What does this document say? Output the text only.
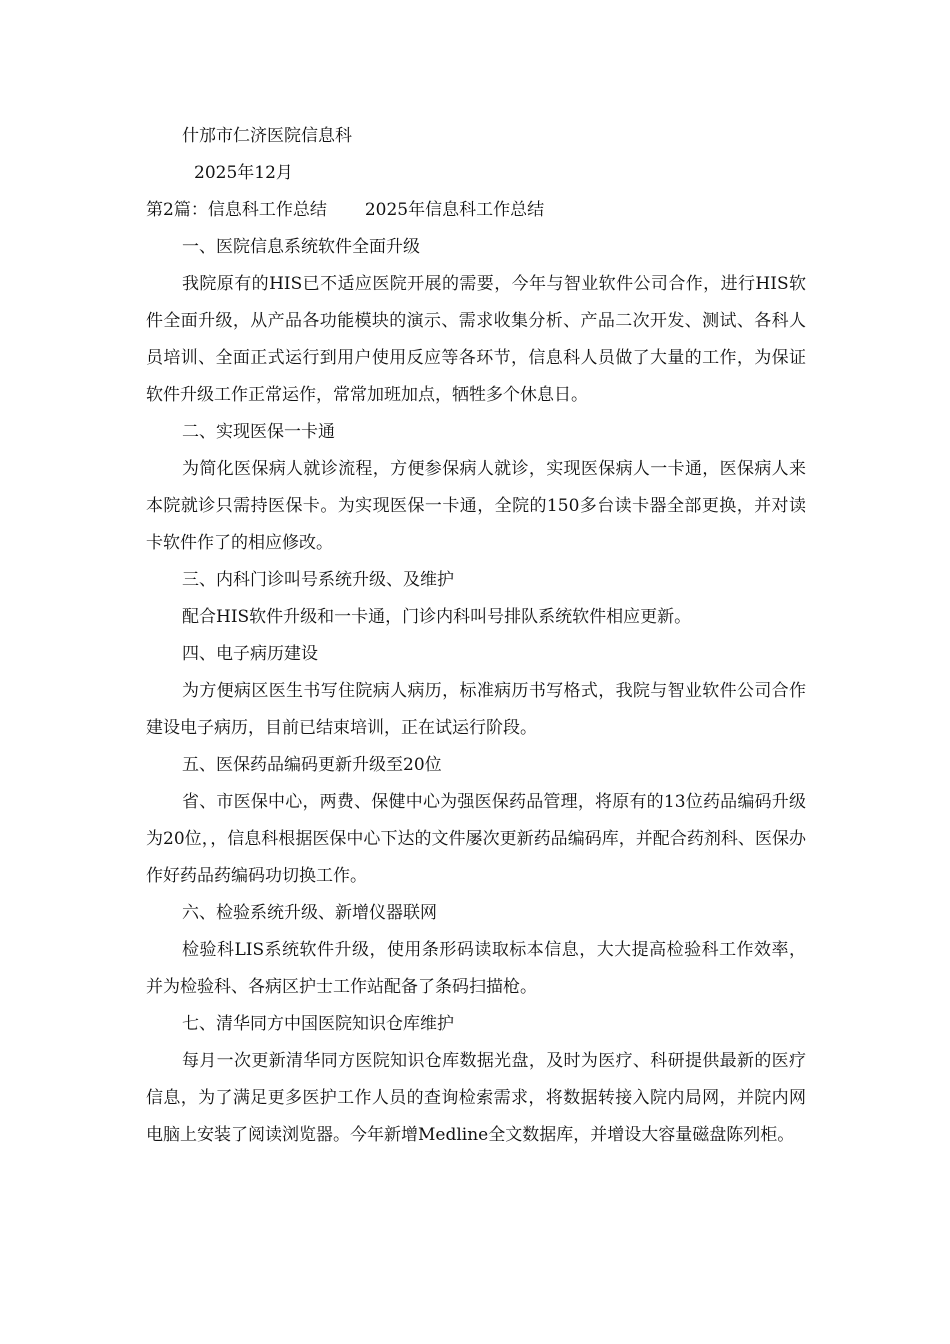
什邡市仁济医院信息科
2025年12月
第2篇：信息科工作总结 2025年信息科工作总结
一、医院信息系统软件全面升级

我院原有的HIS已不适应医院开展的需要，今年与智业软件公司合作，进行HIS软件全面升级，从产品各功能模块的演示、需求收集分析、产品二次开发、测试、各科人员培训、全面正式运行到用户使用反应等各环节，信息科人员做了大量的工作，为保证软件升级工作正常运作，常常加班加点，牺牲多个休息日。

二、实现医保一卡通

为简化医保病人就诊流程，方便参保病人就诊，实现医保病人一卡通，医保病人来本院就诊只需持医保卡。为实现医保一卡通，全院的150多台读卡器全部更换，并对读卡软件作了的相应修改。

三、内科门诊叫号系统升级、及维护

配合HIS软件升级和一卡通，门诊内科叫号排队系统软件相应更新。

四、电子病历建设

为方便病区医生书写住院病人病历，标准病历书写格式，我院与智业软件公司合作建设电子病历，目前已结束培训，正在试运行阶段。

五、医保药品编码更新升级至20位

省、市医保中心，两费、保健中心为强医保药品管理，将原有的13位药品编码升级为20位，，信息科根据医保中心下达的文件屡次更新药品编码库，并配合药剂科、医保办作好药品药编码功切换工作。

六、检验系统升级、新增仪器联网

检验科LIS系统软件升级，使用条形码读取标本信息，大大提高检验科工作效率，并为检验科、各病区护士工作站配备了条码扫描枪。

七、清华同方中国医院知识仓库维护

每月一次更新清华同方医院知识仓库数据光盘，及时为医疗、科研提供最新的医疗信息，为了满足更多医护工作人员的查询检索需求，将数据转接入院内局网，并院内网电脑上安装了阅读浏览器。今年新增Medline全文数据库，并增设大容量磁盘陈列柜。
